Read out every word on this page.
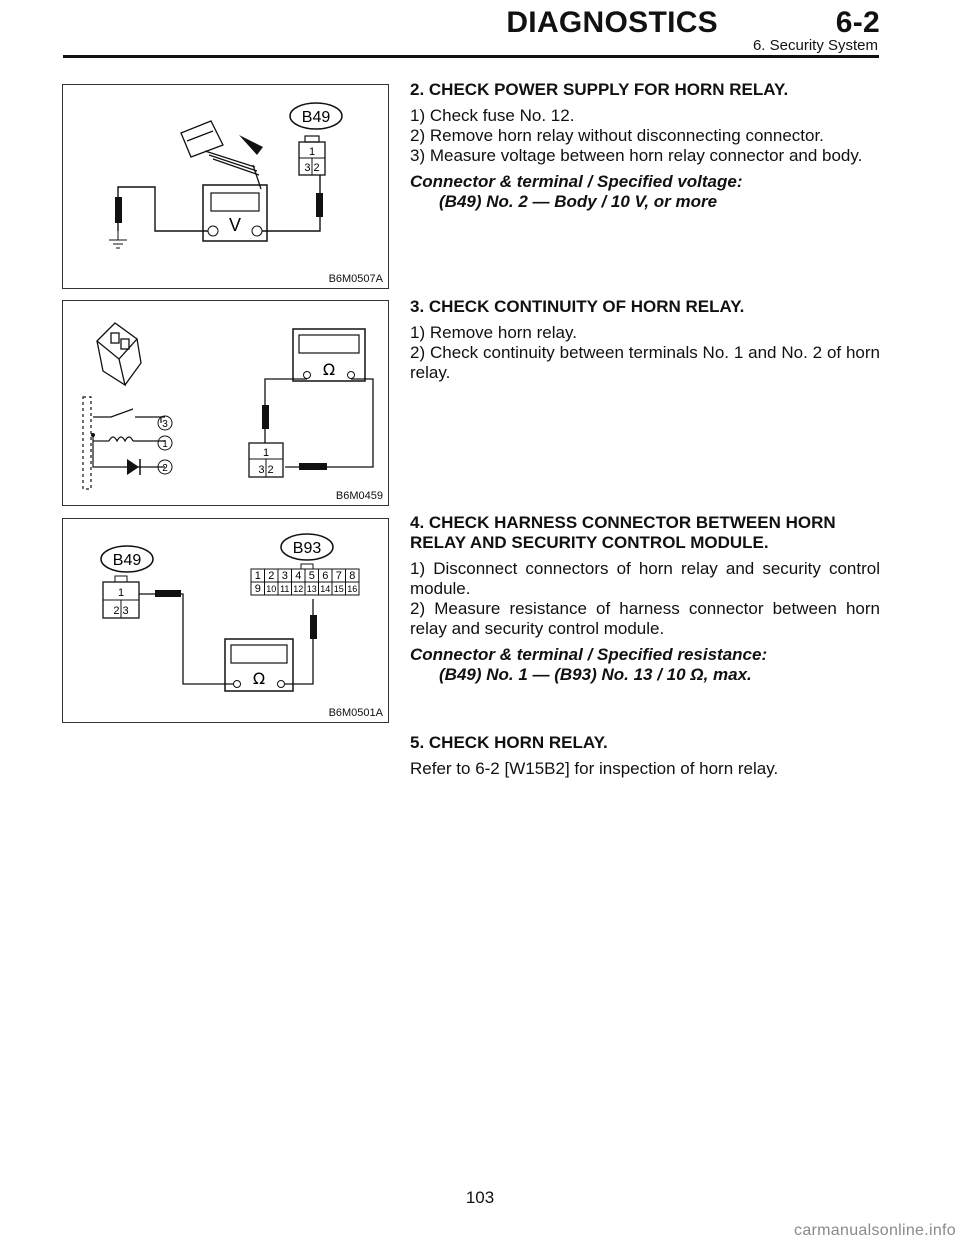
DIAGNOSTICS	6-2
6. Security System
B49
1
3 2
V
B6M0507A
3
1
2
Ω
1
3 2
B6M0459
B49
B93
1
2 3
1 2 3 4 5 6 7 8
9 10 11 12 13 14 15 16
Ω
B6M0501A
2. CHECK POWER SUPPLY FOR HORN RELAY.
1) Check fuse No. 12.
2) Remove horn relay without disconnecting connector.
3) Measure voltage between horn relay connector and body.
Connector & terminal / Specified voltage:
(B49) No. 2 — Body / 10 V, or more
3. CHECK CONTINUITY OF HORN RELAY.
1) Remove horn relay.
2) Check continuity between terminals No. 1 and No. 2 of horn relay.
4. CHECK HARNESS CONNECTOR BETWEEN HORN RELAY AND SECURITY CONTROL MODULE.
1) Disconnect connectors of horn relay and security control module.
2) Measure resistance of harness connector between horn relay and security control module.
Connector & terminal / Specified resistance:
(B49) No. 1 — (B93) No. 13 / 10 Ω, max.
5. CHECK HORN RELAY.
Refer to 6-2 [W15B2] for inspection of horn relay.
103
carmanualsonline.info
